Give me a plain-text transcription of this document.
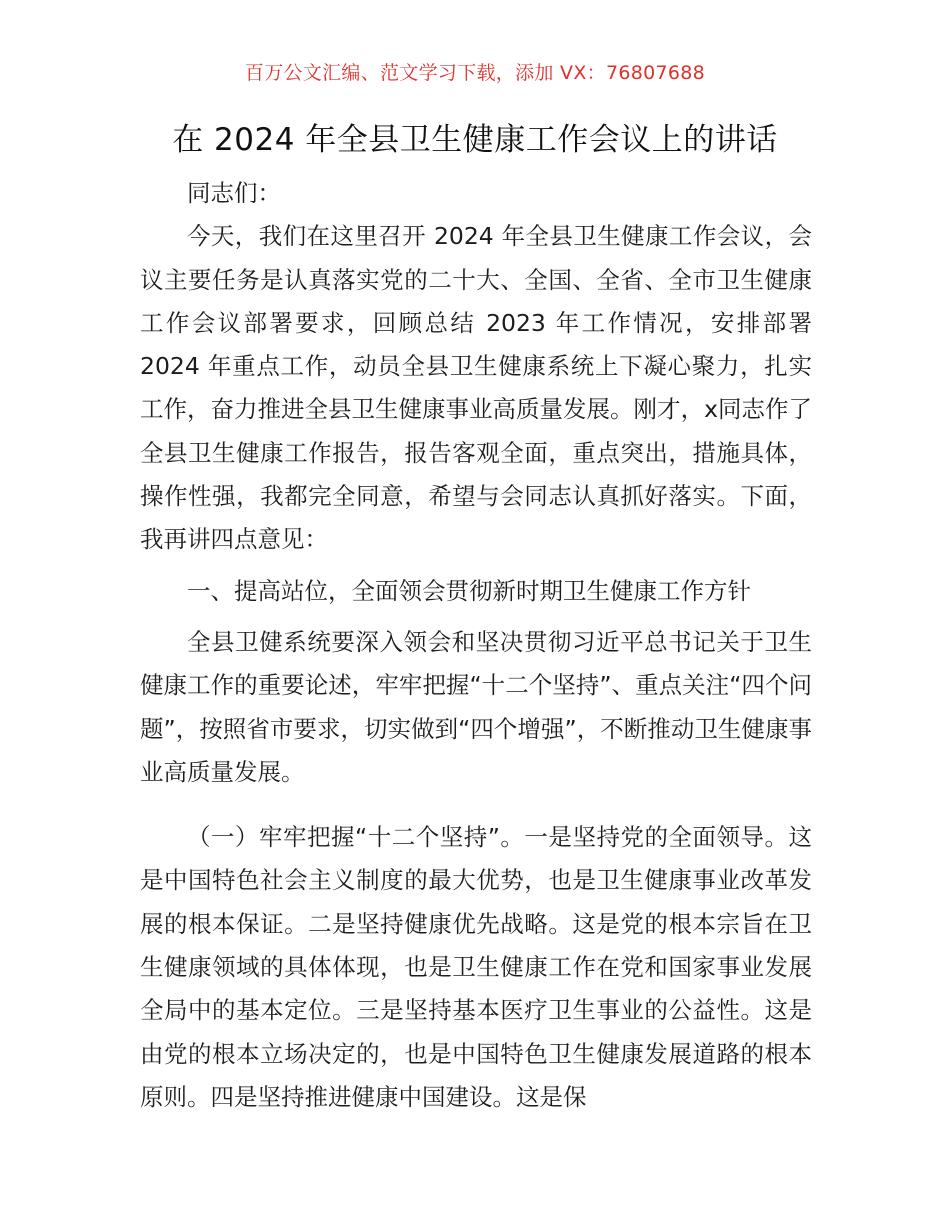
百万公文汇编、范文学习下载，添加 VX：76807688
在 2024 年全县卫生健康工作会议上的讲话

同志们：

今天，我们在这里召开 2024 年全县卫生健康工作会议，会议主要任务是认真落实党的二十大、全国、全省、全市卫生健康工作会议部署要求，回顾总结 2023 年工作情况，安排部署 2024 年重点工作，动员全县卫生健康系统上下凝心聚力，扎实工作，奋力推进全县卫生健康事业高质量发展。刚才，x同志作了全县卫生健康工作报告，报告客观全面，重点突出，措施具体，操作性强，我都完全同意，希望与会同志认真抓好落实。下面，我再讲四点意见：

一、提高站位，全面领会贯彻新时期卫生健康工作方针

全县卫健系统要深入领会和坚决贯彻习近平总书记关于卫生健康工作的重要论述，牢牢把握“十二个坚持”、重点关注“四个问题”，按照省市要求，切实做到“四个增强”，不断推动卫生健康事业高质量发展。

（一）牢牢把握“十二个坚持”。一是坚持党的全面领导。这是中国特色社会主义制度的最大优势，也是卫生健康事业改革发展的根本保证。二是坚持健康优先战略。这是党的根本宗旨在卫生健康领域的具体体现，也是卫生健康工作在党和国家事业发展全局中的基本定位。三是坚持基本医疗卫生事业的公益性。这是由党的根本立场决定的，也是中国特色卫生健康发展道路的根本原则。四是坚持推进健康中国建设。这是保
